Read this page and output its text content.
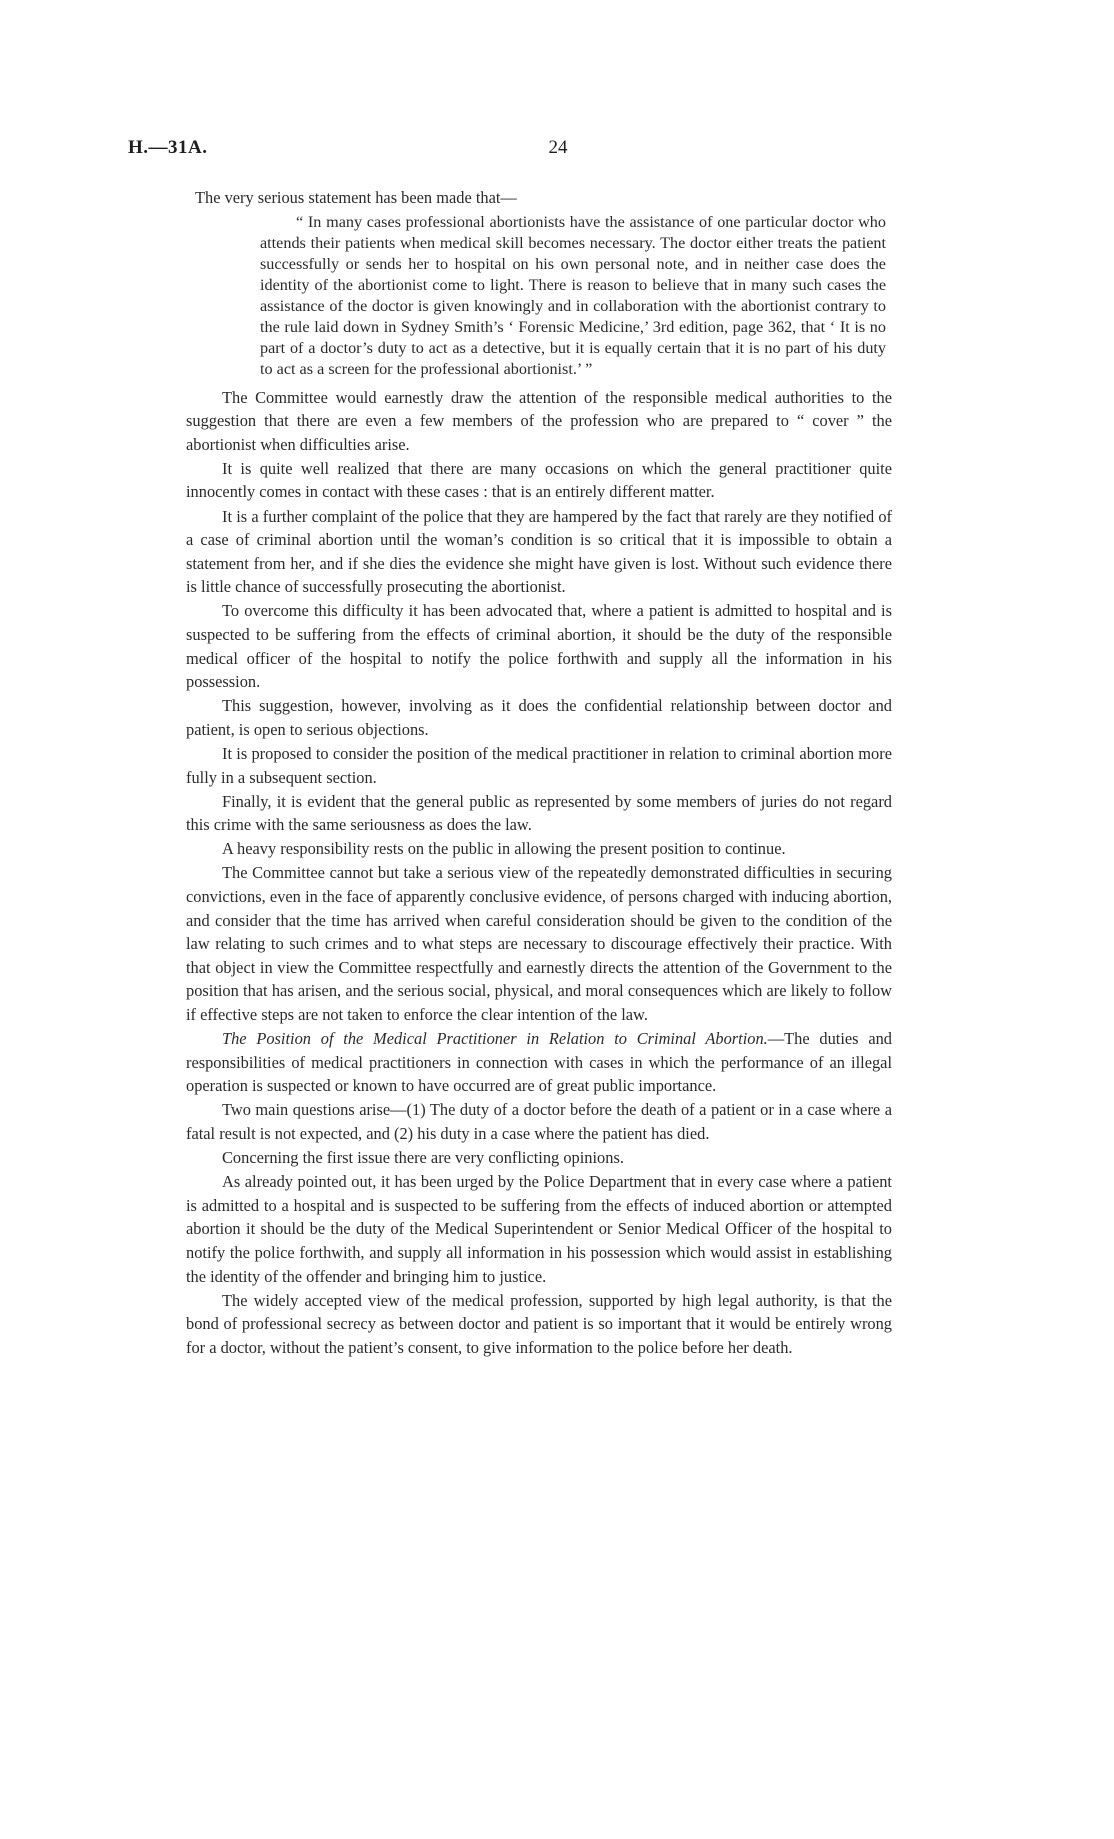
H.—31A.	24

The very serious statement has been made that—

“ In many cases professional abortionists have the assistance of one particular doctor who attends their patients when medical skill becomes necessary. The doctor either treats the patient successfully or sends her to hospital on his own personal note, and in neither case does the identity of the abortionist come to light. There is reason to believe that in many such cases the assistance of the doctor is given knowingly and in collaboration with the abortionist contrary to the rule laid down in Sydney Smith’s ‘ Forensic Medicine,’ 3rd edition, page 362, that ‘ It is no part of a doctor’s duty to act as a detective, but it is equally certain that it is no part of his duty to act as a screen for the professional abortionist.’ ”

The Committee would earnestly draw the attention of the responsible medical authorities to the suggestion that there are even a few members of the profession who are prepared to “ cover ” the abortionist when difficulties arise.

It is quite well realized that there are many occasions on which the general practitioner quite innocently comes in contact with these cases : that is an entirely different matter.

It is a further complaint of the police that they are hampered by the fact that rarely are they notified of a case of criminal abortion until the woman’s condition is so critical that it is impossible to obtain a statement from her, and if she dies the evidence she might have given is lost. Without such evidence there is little chance of successfully prosecuting the abortionist.

To overcome this difficulty it has been advocated that, where a patient is admitted to hospital and is suspected to be suffering from the effects of criminal abortion, it should be the duty of the responsible medical officer of the hospital to notify the police forthwith and supply all the information in his possession.

This suggestion, however, involving as it does the confidential relationship between doctor and patient, is open to serious objections.

It is proposed to consider the position of the medical practitioner in relation to criminal abortion more fully in a subsequent section.

Finally, it is evident that the general public as represented by some members of juries do not regard this crime with the same seriousness as does the law.

A heavy responsibility rests on the public in allowing the present position to continue.

The Committee cannot but take a serious view of the repeatedly demonstrated difficulties in securing convictions, even in the face of apparently conclusive evidence, of persons charged with inducing abortion, and consider that the time has arrived when careful consideration should be given to the condition of the law relating to such crimes and to what steps are necessary to discourage effectively their practice. With that object in view the Committee respectfully and earnestly directs the attention of the Government to the position that has arisen, and the serious social, physical, and moral consequences which are likely to follow if effective steps are not taken to enforce the clear intention of the law.

The Position of the Medical Practitioner in Relation to Criminal Abortion.—The duties and responsibilities of medical practitioners in connection with cases in which the performance of an illegal operation is suspected or known to have occurred are of great public importance.

Two main questions arise—(1) The duty of a doctor before the death of a patient or in a case where a fatal result is not expected, and (2) his duty in a case where the patient has died.

Concerning the first issue there are very conflicting opinions.

As already pointed out, it has been urged by the Police Department that in every case where a patient is admitted to a hospital and is suspected to be suffering from the effects of induced abortion or attempted abortion it should be the duty of the Medical Superintendent or Senior Medical Officer of the hospital to notify the police forthwith, and supply all information in his possession which would assist in establishing the identity of the offender and bringing him to justice.

The widely accepted view of the medical profession, supported by high legal authority, is that the bond of professional secrecy as between doctor and patient is so important that it would be entirely wrong for a doctor, without the patient’s consent, to give information to the police before her death.
